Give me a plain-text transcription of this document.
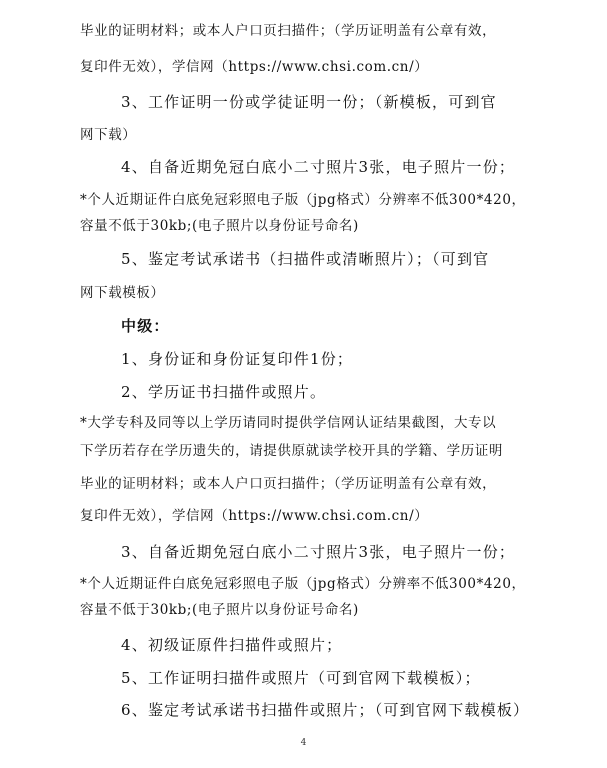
毕业的证明材料；或本人户口页扫描件；（学历证明盖有公章有效，
复印件无效），学信网（https://www.chsi.com.cn/）
3、工作证明一份或学徒证明一份；（新模板，可到官
网下载）
4、自备近期免冠白底小二寸照片3张，电子照片一份；
*个人近期证件白底免冠彩照电子版（jpg格式）分辨率不低300*420，
容量不低于30kb;(电子照片以身份证号命名)
5、鉴定考试承诺书（扫描件或清晰照片）；（可到官
网下载模板）
中级：
1、身份证和身份证复印件1份；
2、学历证书扫描件或照片。
*大学专科及同等以上学历请同时提供学信网认证结果截图，大专以
下学历若存在学历遗失的，请提供原就读学校开具的学籍、学历证明
毕业的证明材料；或本人户口页扫描件；（学历证明盖有公章有效，
复印件无效），学信网（https://www.chsi.com.cn/）
3、自备近期免冠白底小二寸照片3张，电子照片一份；
*个人近期证件白底免冠彩照电子版（jpg格式）分辨率不低300*420，
容量不低于30kb;(电子照片以身份证号命名)
4、初级证原件扫描件或照片；
5、工作证明扫描件或照片（可到官网下载模板）；
6、鉴定考试承诺书扫描件或照片；（可到官网下载模板）
4
